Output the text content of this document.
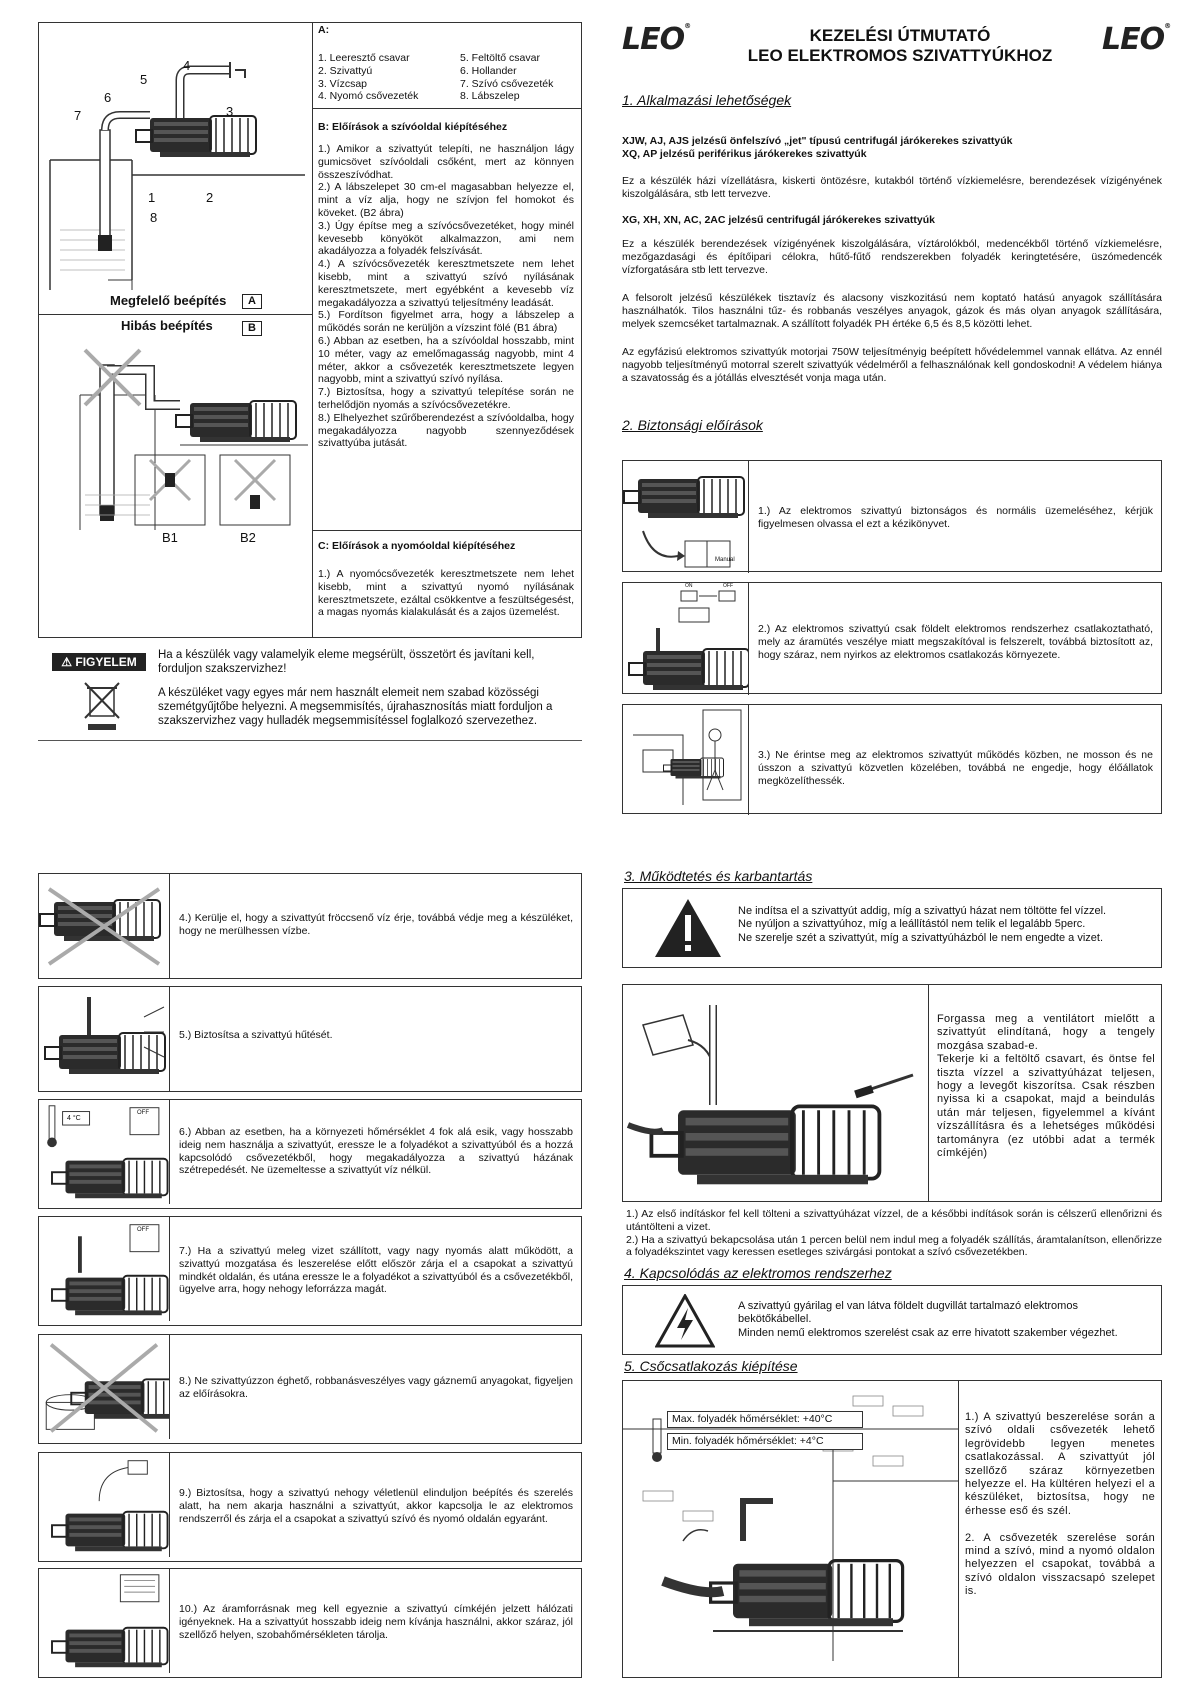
4
5
6
3
7
1	2
8
Megfelelő beépítés	A
Hibás beépítés	B
B1	B2
A:
1. Leeresztő csavar
2. Szivattyú
3. Vízcsap
4. Nyomó csővezeték
5. Feltöltő csavar
6. Hollander
7. Szívó csővezeték
8. Lábszelep
B: Előírások a szívóoldal kiépítéséhez
1.) Amikor a szivattyút telepíti, ne használjon lágy gumicsövet szívóoldali csőként, mert az könnyen összeszívódhat.
2.) A lábszelepet 30 cm-el magasabban helyezze el, mint a víz alja, hogy ne szívjon fel homokot és köveket. (B2 ábra)
3.) Úgy építse meg a szívócsővezetéket, hogy minél kevesebb könyököt alkalmazzon, ami nem akadályozza a folyadék felszívását.
4.) A szívócsővezeték keresztmetszete nem lehet kisebb, mint a szivattyú szívó nyílásának keresztmetszete, mert egyébként a kevesebb víz megakadályozza a szivattyú teljesítmény leadását.
5.) Fordítson figyelmet arra, hogy a lábszelep a működés során ne kerüljön a vízszint fölé (B1 ábra)
6.) Abban az esetben, ha a szívóoldal hosszabb, mint 10 méter, vagy az emelőmagasság nagyobb, mint 4 méter, akkor a csővezeték keresztmetszete legyen nagyobb, mint a szivattyú szívó nyílása.
7.) Biztosítsa, hogy a szivattyú telepítése során ne terhelődjön nyomás a szívócsővezetékre.
8.) Elhelyezhet szűrőberendezést a szívóoldalba, hogy megakadályozza nagyobb szennyeződések szivattyúba jutását.
C: Előírások a nyomóoldal kiépítéséhez
1.) A nyomócsővezeték keresztmetszete nem lehet kisebb, mint a szivattyú nyomó nyílásának keresztmetszete, ezáltal csökkentve a feszültségesést, a magas nyomás kialakulását és a zajos üzemelést.
⚠ FIGYELEM	Ha a készülék vagy valamelyik eleme megsérült, összetört és javítani kell, forduljon szakszervizhez!
A készüléket vagy egyes már nem használt elemeit nem szabad közösségi szemétgyűjtőbe helyezni. A megsemmisítés, újrahasznosítás miatt forduljon a szakszervizhez vagy hulladék megsemmisítéssel foglalkozó szervezethez.
LEO®	LEO®
KEZELÉSI ÚTMUTATÓ
LEO ELEKTROMOS SZIVATTYÚKHOZ
1. Alkalmazási lehetőségek
XJW, AJ, AJS jelzésű önfelszívó „jet" típusú centrifugál járókerekes szivattyúk
XQ, AP jelzésű periférikus járókerekes szivattyúk
Ez a készülék házi vízellátásra, kiskerti öntözésre, kutakból történő vízkiemelésre, berendezések vízigényének kiszolgálására, stb lett tervezve.
XG, XH, XN, AC, 2AC jelzésű centrifugál járókerekes szivattyúk
Ez a készülék berendezések vízigényének kiszolgálására, víztárolókból, medencékből történő vízkiemelésre, mezőgazdasági és építőipari célokra, hűtő-fűtő rendszerekben folyadék keringtetésére, üszómedencék vízforgatására stb lett tervezve.
A felsorolt jelzésű készülékek tisztavíz és alacsony viszkozitású nem koptató hatású anyagok szállítására használhatók. Tilos használni tűz- és robbanás veszélyes anyagok, gázok és más olyan anyagok szállítására, melyek szemcséket tartalmaznak. A szállított folyadék PH értéke 6,5 és 8,5 közötti lehet.
Az egyfázisú elektromos szivattyúk motorjai 750W teljesítményig beépített hővédelemmel vannak ellátva. Az ennél nagyobb teljesítményű motorral szerelt szivattyúk védelméről a felhasználónak kell gondoskodni! A védelem hiánya a szavatosság és a jótállás elvesztését vonja maga után.
2. Biztonsági előírások
Manual
1.) Az elektromos szivattyú biztonságos és normális üzemeléséhez, kérjük figyelmesen olvassa el ezt a kézikönyvet.
ON	OFF
2.) Az elektromos szivattyú csak földelt elektromos rendszerhez csatlakoztatható, mely az áramütés veszélye miatt megszakítóval is felszerelt, továbbá biztosított az, hogy száraz, nem nyirkos az elektromos csatlakozás környezete.
3.) Ne érintse meg az elektromos szivattyút működés közben, ne mosson és ne ússzon a szivattyú közvetlen közelében, továbbá ne engedje, hogy élőállatok megközelíthessék.
4.) Kerülje el, hogy a szivattyút fröccsenő víz érje, továbbá védje meg a készüléket, hogy ne merülhessen vízbe.
5.) Biztosítsa a szivattyú hűtését.
4 °C
OFF
6.) Abban az esetben, ha a környezeti hőmérséklet 4 fok alá esik, vagy hosszabb ideig nem használja a szivattyút, eressze le a folyadékot a szivattyúból és a hozzá kapcsolódó csővezetékből, hogy megakadályozza a szivattyú házának szétrepedését. Ne üzemeltesse a szivattyút víz nélkül.
OFF
7.) Ha a szivattyú meleg vizet szállított, vagy nagy nyomás alatt működött, a szivattyú mozgatása és leszerelése előtt először zárja el a csapokat a szivattyú mindkét oldalán, és utána eressze le a folyadékot a szivattyúból és a csővezetékből, ügyelve arra, hogy nehogy leforrázza magát.
8.) Ne szivattyúzzon éghető, robbanásveszélyes vagy gáznemű anyagokat, figyeljen az előírásokra.
9.) Biztosítsa, hogy a szivattyú nehogy véletlenül elinduljon beépítés és szerelés alatt, ha nem akarja használni a szivattyút, akkor kapcsolja le az elektromos rendszerről és zárja el a csapokat a szivattyú szívó és nyomó oldalán egyaránt.
10.) Az áramforrásnak meg kell egyeznie a szivattyú címkéjén jelzett hálózati igényeknek. Ha a szivattyút hosszabb ideig nem kívánja használni, akkor száraz, jól szellőző helyen, szobahőmérsékleten tárolja.
3. Működtetés és karbantartás
Ne indítsa el a szivattyút addig, míg a szivattyú házat nem töltötte fel vízzel.
Ne nyúljon a szivattyúhoz, míg a leállítástól nem telik el legalább 5perc.
Ne szerelje szét a szivattyút, míg a szivattyúházból le nem engedte a vizet.
Forgassa meg a ventilátort mielőtt a szivattyút elindítaná, hogy a tengely mozgása szabad-e.
Tekerje ki a feltöltő csavart, és öntse fel tiszta vízzel a szivattyúházat teljesen, hogy a levegőt kiszorítsa. Csak részben nyissa ki a csapokat, majd a beindulás után már teljesen, figyelemmel a kívánt vízszállításra és a lehetséges működési tartományra (ez utóbbi adat a termék címkéjén)
1.) Az első indításkor fel kell tölteni a szivattyúházat vízzel, de a későbbi indítások során is célszerű ellenőrizni és utántölteni a vizet.
2.) Ha a szivattyú bekapcsolása után 1 percen belül nem indul meg a folyadék szállítás, áramtalanítson, ellenőrizze a folyadékszintet vagy keressen esetleges szivárgási pontokat a szívó csővezetékben.
4. Kapcsolódás az elektromos rendszerhez
A szivattyú gyárilag el van látva földelt dugvillát tartalmazó elektromos bekötőkábellel.
Minden nemű elektromos szerelést csak az erre hivatott szakember végezhet.
5. Csőcsatlakozás kiépítése
Max. folyadék hőmérséklet: +40°C
Min. folyadék hőmérséklet: +4°C
1.) A szivattyú beszerelése során a szívó oldali csővezeték lehető legrövidebb legyen menetes csatlakozással. A szivattyút jól szellőző száraz környezetben helyezze el. Ha kültéren helyezi el a készüléket, biztosítsa, hogy ne érhesse eső és szél.

2. A csővezeték szerelése során mind a szívó, mind a nyomó oldalon helyezzen el csapokat, továbbá a szívó oldalon visszacsapó szelepet is.
